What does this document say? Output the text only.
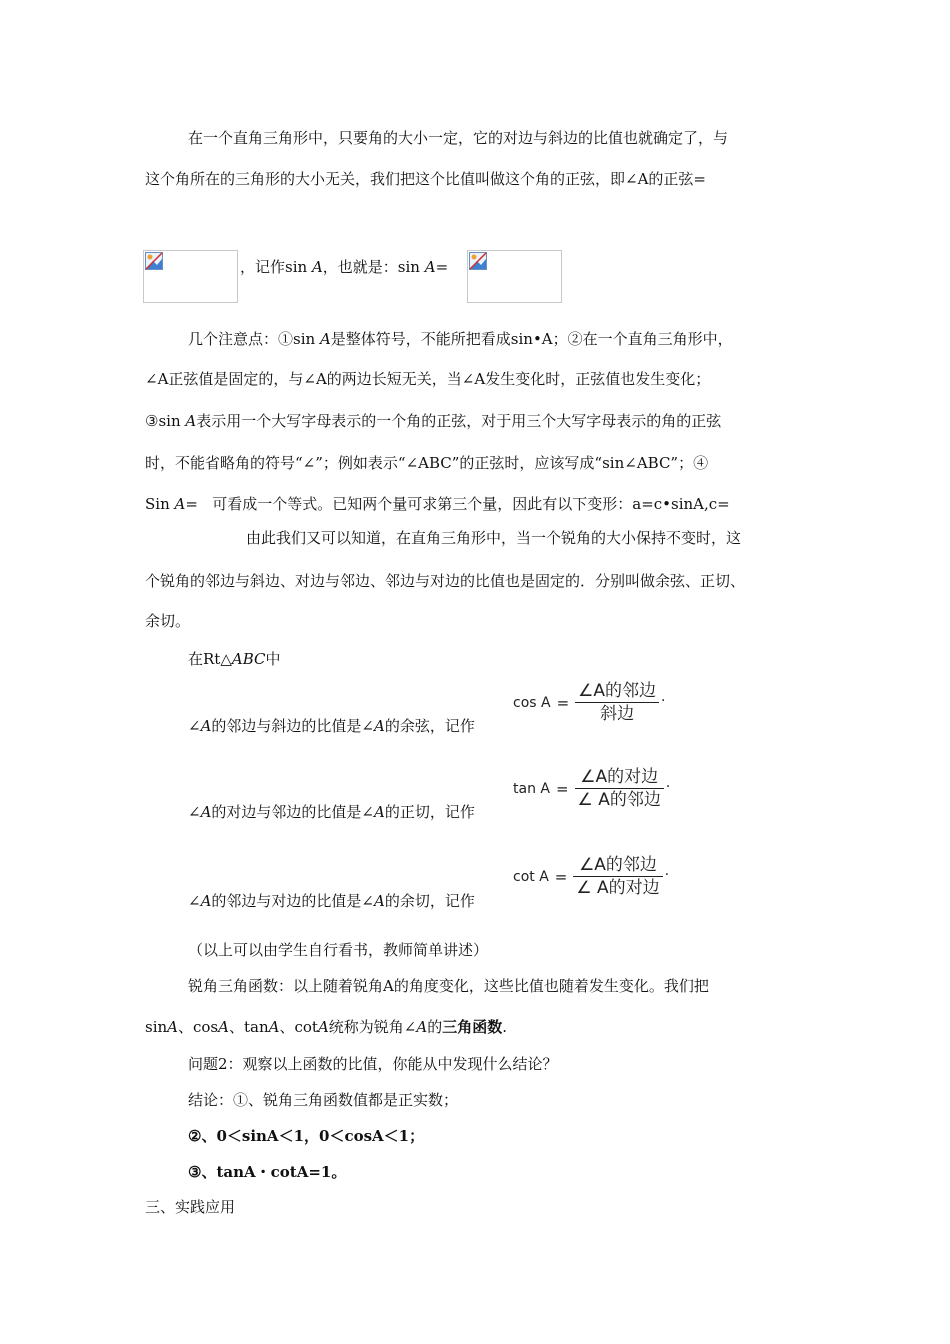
在一个直角三角形中，只要角的大小一定，它的对边与斜边的比值也就确定了，与
这个角所在的三角形的大小无关，我们把这个比值叫做这个角的正弦，即∠A的正弦=
，记作sin A，也就是：sin A=
几个注意点：①sin A是整体符号，不能所把看成sin•A；②在一个直角三角形中，
∠A正弦值是固定的，与∠A的两边长短无关，当∠A发生变化时，正弦值也发生变化；
③sin A表示用一个大写字母表示的一个角的正弦，对于用三个大写字母表示的角的正弦
时，不能省略角的符号“∠”；例如表示“∠ABC”的正弦时，应该写成“sin∠ABC”；④
Sin A= 可看成一个等式。已知两个量可求第三个量，因此有以下变形：a=c•sinA,c=
由此我们又可以知道，在直角三角形中，当一个锐角的大小保持不变时，这
个锐角的邻边与斜边、对边与邻边、邻边与对边的比值也是固定的．分别叫做余弦、正切、
余切。
在Rt△ABC中
∠A的邻边与斜边的比值是∠A的余弦，记作
$\cos A = \frac{\text{∠A的邻边}}{\text{斜边}}$ .
∠A的对边与邻边的比值是∠A的正切，记作
$\tan A = \frac{\text{∠A的对边}}{\text{∠ A的邻边}}$ .
∠A的邻边与对边的比值是∠A的余切，记作
$\cot A = \frac{\text{∠A的邻边}}{\text{∠ A的对边}}$ .
（以上可以由学生自行看书，教师简单讲述）
锐角三角函数：以上随着锐角A的角度变化，这些比值也随着发生变化。我们把
sinA、cosA、tanA、cotA统称为锐角∠A的三角函数.
问题2：观察以上函数的比值，你能从中发现什么结论？
结论：①、锐角三角函数值都是正实数；
②、0＜sinA＜1，0＜cosA＜1；
③、tanA・cotA=1。
三、实践应用
